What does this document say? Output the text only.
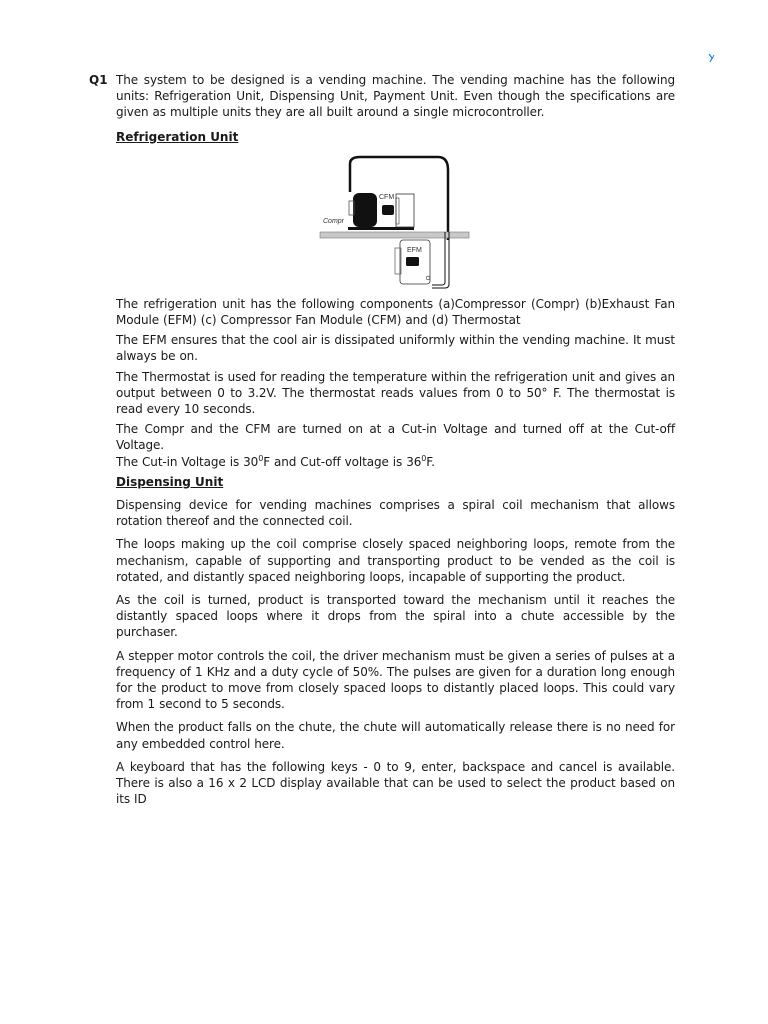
Q1 The system to be designed is a vending machine. The vending machine has the following units: Refrigeration Unit, Dispensing Unit, Payment Unit. Even though the specifications are given as multiple units they are all built around a single microcontroller.

Refrigeration Unit

The refrigeration unit has the following components (a)Compressor (Compr) (b)Exhaust Fan Module (EFM) (c) Compressor Fan Module (CFM) and (d) Thermostat

The EFM ensures that the cool air is dissipated uniformly within the vending machine. It must always be on.

The Thermostat is used for reading the temperature within the refrigeration unit and gives an output between 0 to 3.2V. The thermostat reads values from 0 to 50° F. The thermostat is read every 10 seconds.

The Compr and the CFM are turned on at a Cut-in Voltage and turned off at the Cut-off Voltage.
The Cut-in Voltage is $30^0F$ and Cut-off voltage is $36^0F$.

Dispensing Unit

Dispensing device for vending machines comprises a spiral coil mechanism that allows rotation thereof and the connected coil.

The loops making up the coil comprise closely spaced neighboring loops, remote from the mechanism, capable of supporting and transporting product to be vended as the coil is rotated, and distantly spaced neighboring loops, incapable of supporting the product.

As the coil is turned, product is transported toward the mechanism until it reaches the distantly spaced loops where it drops from the spiral into a chute accessible by the purchaser.

A stepper motor controls the coil, the driver mechanism must be given a series of pulses at a frequency of 1 KHz and a duty cycle of 50%. The pulses are given for a duration long enough for the product to move from closely spaced loops to distantly placed loops. This could vary from 1 second to 5 seconds.

When the product falls on the chute, the chute will automatically release there is no need for any embedded control here.

A keyboard that has the following keys - 0 to 9, enter, backspace and cancel is available. There is also a 16 x 2 LCD display available that can be used to select the product based on its ID

CFM
Compr
EFM
